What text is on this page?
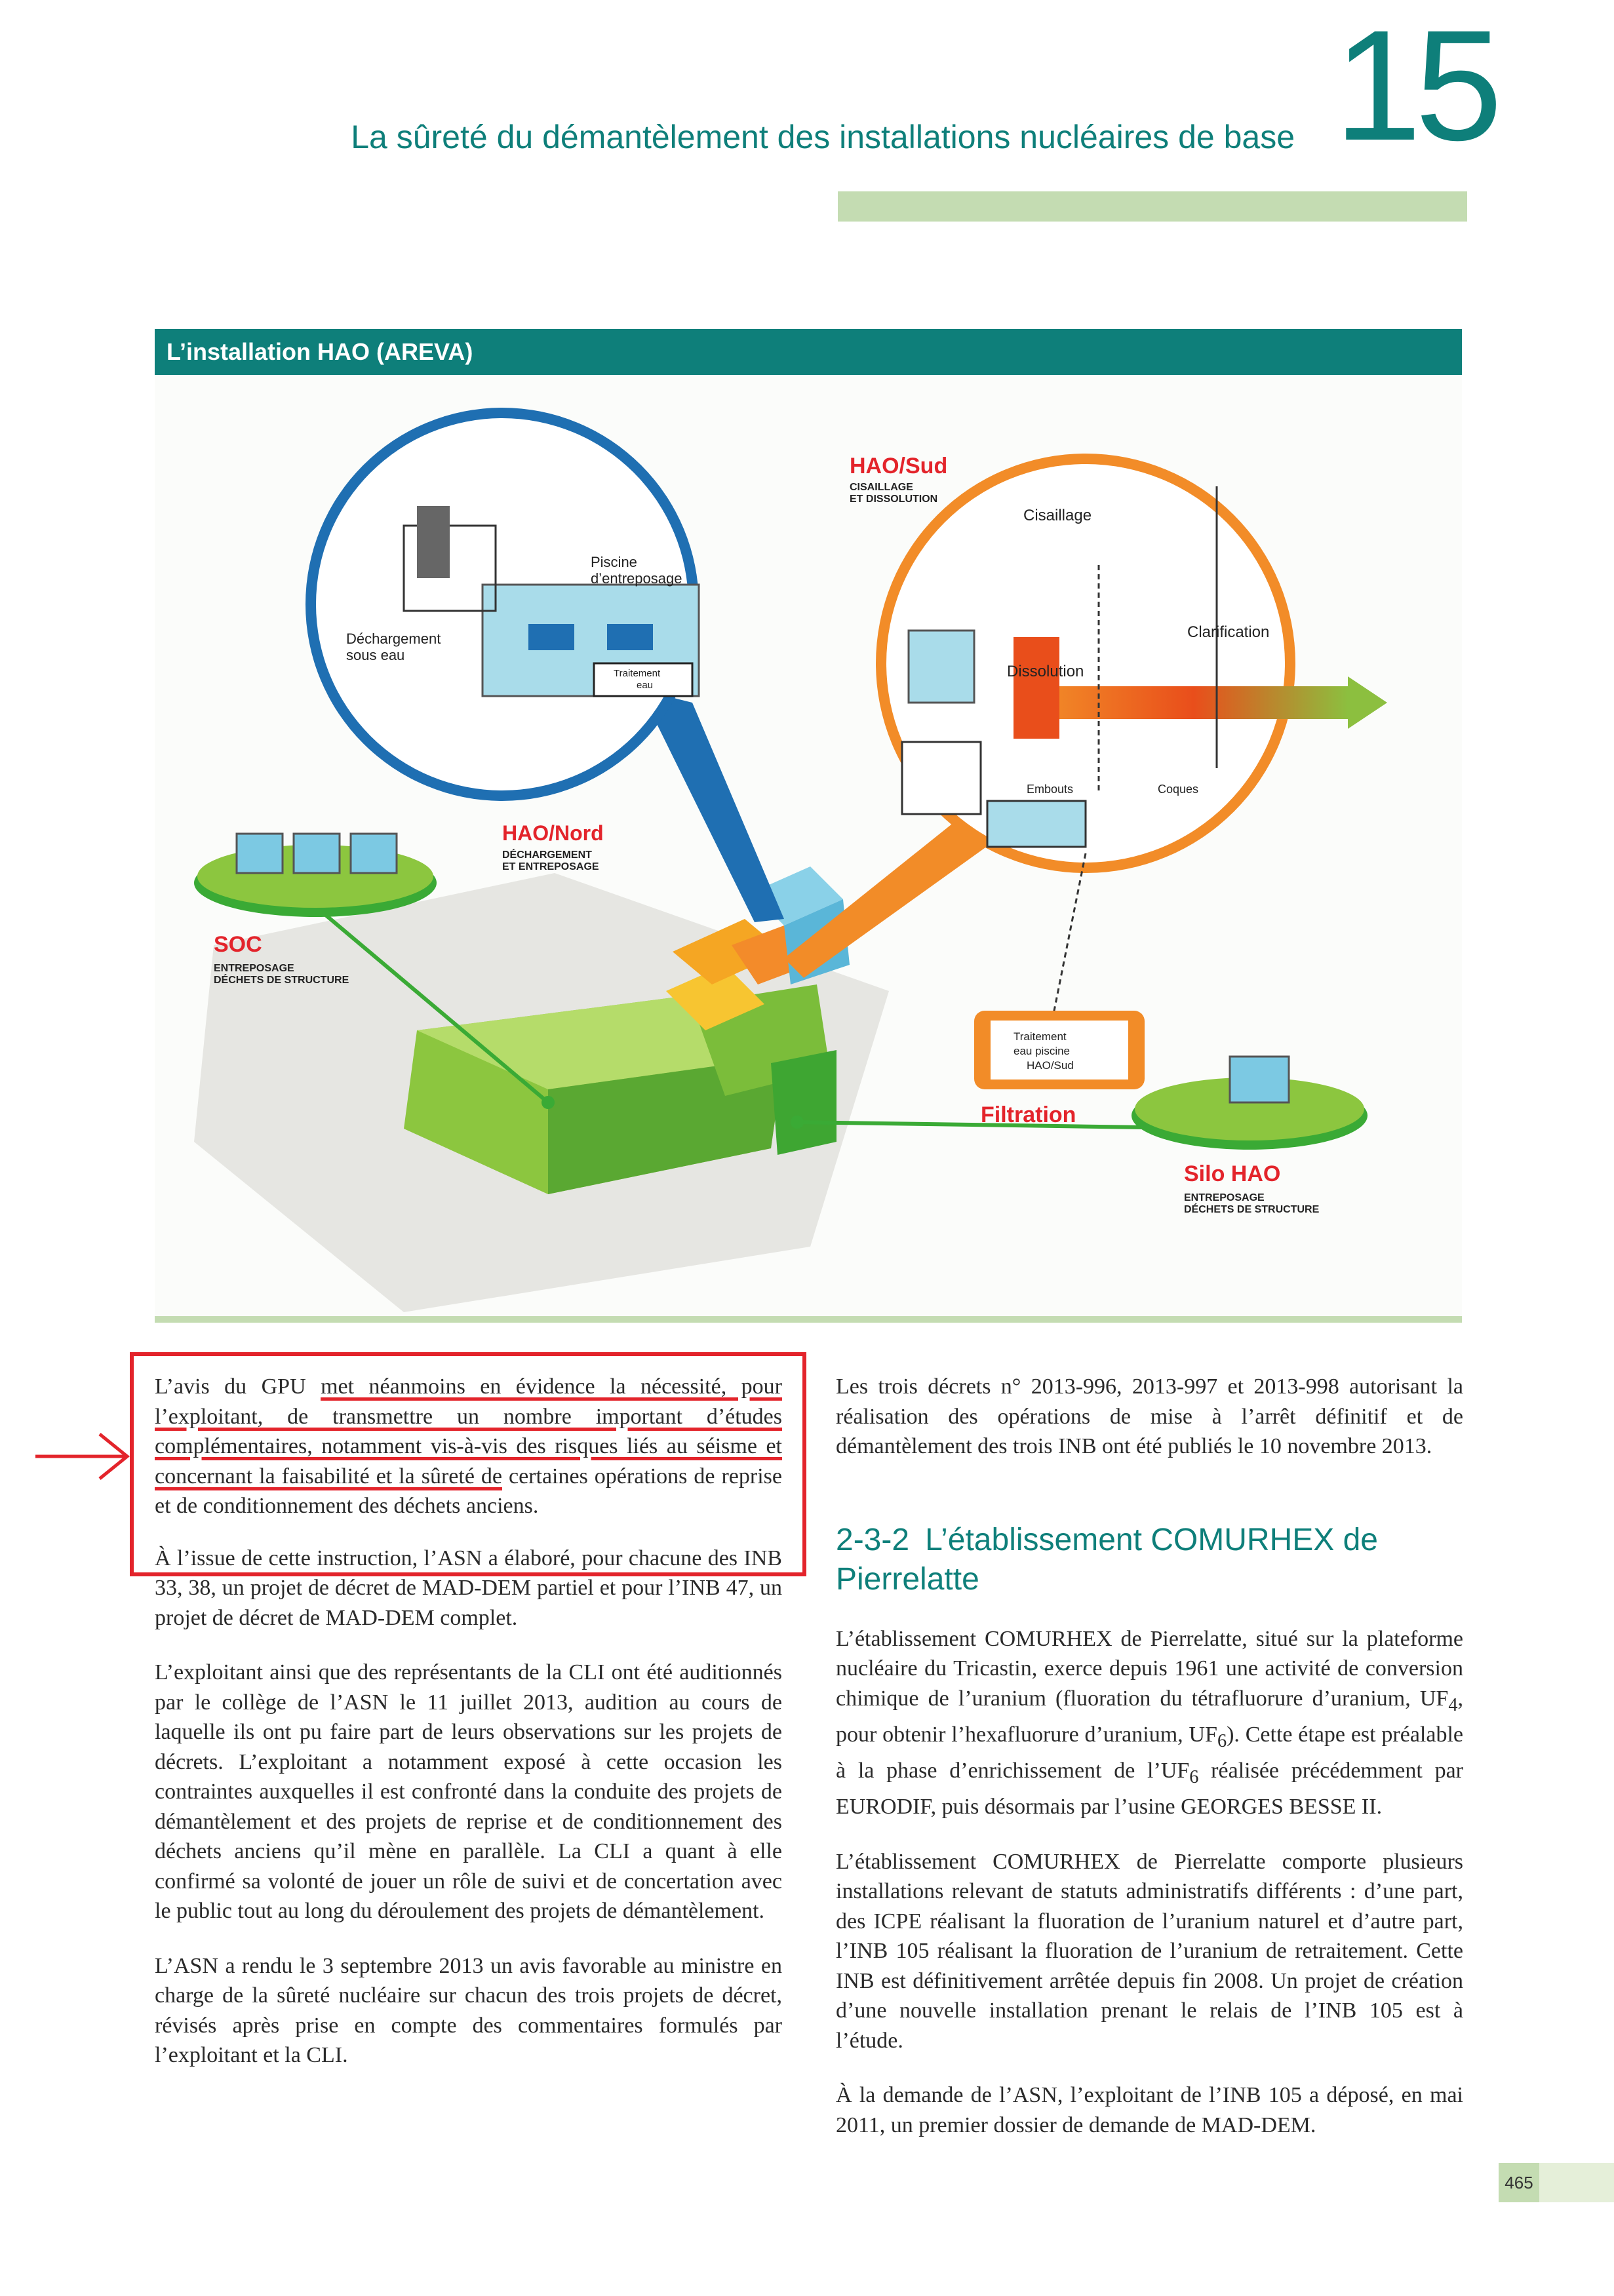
La sûreté du démantèlement des installations nucléaires de base 15
L’installation HAO (AREVA)
SOC
ENTREPOSAGE
DÉCHETS DE STRUCTURE
Piscine
d’entreposage
Déchargement
sous eau
Traitement
eau
HAO/Nord
DÉCHARGEMENT
ET ENTREPOSAGE
HAO/Sud
CISAILLAGE
ET DISSOLUTION
Cisaillage
Clarification
Dissolution
Embouts	Coques
Traitement
eau piscine
HAO/Sud
Filtration
Silo HAO
ENTREPOSAGE
DÉCHETS DE STRUCTURE

L’avis du GPU met néanmoins en évidence la nécessité, pour l’exploitant, de transmettre un nombre important d’études complémentaires, notamment vis-à-vis des risques liés au séisme et concernant la faisabilité et la sûreté de certaines opérations de reprise et de conditionnement des déchets anciens.

À l’issue de cette instruction, l’ASN a élaboré, pour chacune des INB 33, 38, un projet de décret de MAD-DEM partiel et pour l’INB 47, un projet de décret de MAD-DEM complet.

L’exploitant ainsi que des représentants de la CLI ont été auditionnés par le collège de l’ASN le 11 juillet 2013, audition au cours de laquelle ils ont pu faire part de leurs observations sur les projets de décrets. L’exploitant a notamment exposé à cette occasion les contraintes auxquelles il est confronté dans la conduite des projets de démantèlement et des projets de reprise et de conditionnement des déchets anciens qu’il mène en parallèle. La CLI a quant à elle confirmé sa volonté de jouer un rôle de suivi et de concertation avec le public tout au long du déroulement des projets de démantèlement.

L’ASN a rendu le 3 septembre 2013 un avis favorable au ministre en charge de la sûreté nucléaire sur chacun des trois projets de décret, révisés après prise en compte des commentaires formulés par l’exploitant et la CLI.

Les trois décrets n° 2013-996, 2013-997 et 2013-998 autorisant la réalisation des opérations de mise à l’arrêt définitif et de démantèlement des trois INB ont été publiés le 10 novembre 2013.

2-3-2 L’établissement COMURHEX de Pierrelatte

L’établissement COMURHEX de Pierrelatte, situé sur la plateforme nucléaire du Tricastin, exerce depuis 1961 une activité de conversion chimique de l’uranium (fluoration du tétrafluorure d’uranium, $UF_4$, pour obtenir l’hexafluorure d’uranium, $UF_6$). Cette étape est préalable à la phase d’enrichissement de $l’UF_6$ réalisée précédemment par EURODIF, puis désormais par l’usine GEORGES BESSE II.

L’établissement COMURHEX de Pierrelatte comporte plusieurs installations relevant de statuts administratifs différents : d’une part, des ICPE réalisant la fluoration de l’uranium naturel et d’autre part, l’INB 105 réalisant la fluoration de l’uranium de retraitement. Cette INB est définitivement arrêtée depuis fin 2008. Un projet de création d’une nouvelle installation prenant le relais de l’INB 105 est à l’étude.

À la demande de l’ASN, l’exploitant de l’INB 105 a déposé, en mai 2011, un premier dossier de demande de MAD-DEM.

465
